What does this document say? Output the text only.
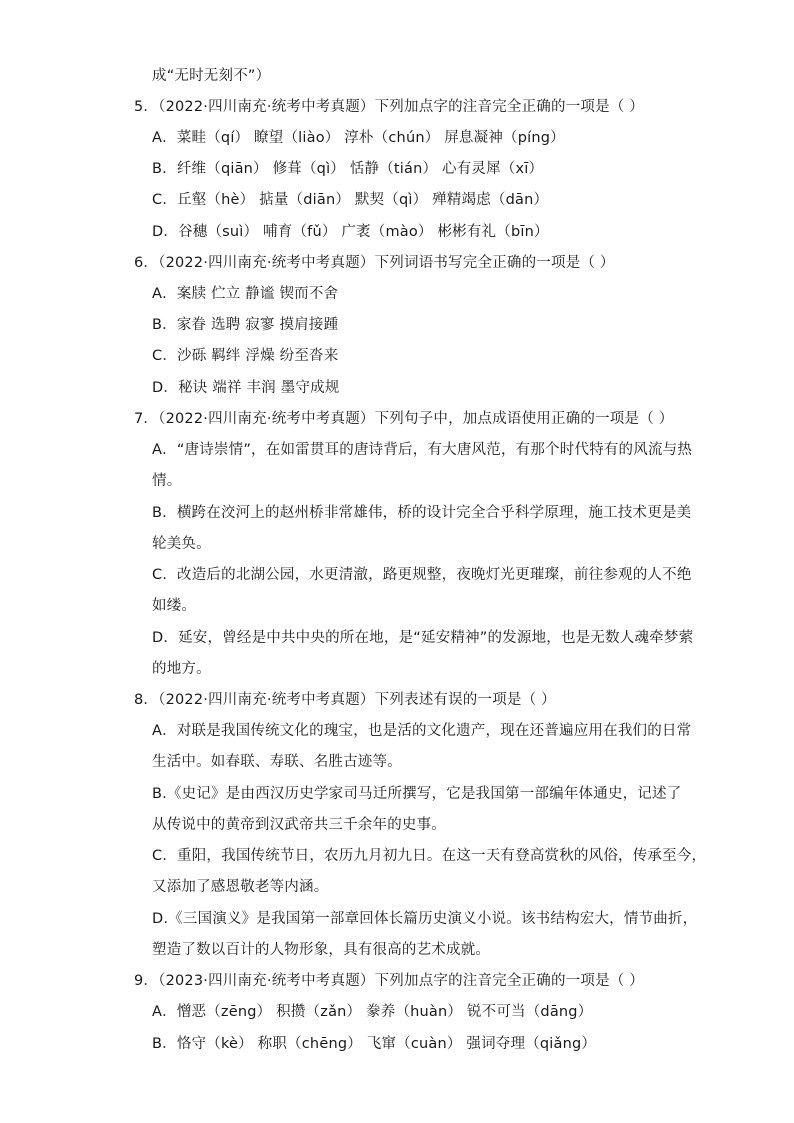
成“无时无刻不”）
5．（2022·四川南充·统考中考真题）下列加点字的注音完全正确的一项是（ ）
A．菜畦（qí） 瞭望（liào） 淳朴（chún） 屏息凝神（píng）
B．纤维（qiān） 修葺（qì） 恬静（tián） 心有灵犀（xī）
C．丘壑（hè） 掂量（diān） 默契（qì） 殚精竭虑（dān）
D．谷穗（suì） 哺育（fǔ） 广袤（mào） 彬彬有礼（bīn）
6．（2022·四川南充·统考中考真题）下列词语书写完全正确的一项是（ ）
A．案牍 伫立 静谧 锲而不舍
B．家眷 选聘 寂寥 摸肩接踵
C．沙砾 羁绊 浮燥 纷至沓来
D．秘诀 端祥 丰润 墨守成规
7．（2022·四川南充·统考中考真题）下列句子中，加点成语使用正确的一项是（ ）
A．“唐诗崇情”，在如雷贯耳的唐诗背后，有大唐风范，有那个时代特有的风流与热
情。
B．横跨在洨河上的赵州桥非常雄伟，桥的设计完全合乎科学原理，施工技术更是美
轮美奂。
C．改造后的北湖公园，水更清澈，路更规整，夜晚灯光更璀璨，前往参观的人不绝
如缕。
D．延安，曾经是中共中央的所在地，是“延安精神”的发源地，也是无数人魂牵梦萦
的地方。
8．（2022·四川南充·统考中考真题）下列表述有误的一项是（ ）
A．对联是我国传统文化的瑰宝，也是活的文化遗产，现在还普遍应用在我们的日常
生活中。如春联、寿联、名胜古迹等。
B.《史记》是由西汉历史学家司马迁所撰写，它是我国第一部编年体通史，记述了
从传说中的黄帝到汉武帝共三千余年的史事。
C．重阳，我国传统节日，农历九月初九日。在这一天有登高赏秋的风俗，传承至今，
又添加了感恩敬老等内涵。
D.《三国演义》是我国第一部章回体长篇历史演义小说。该书结构宏大，情节曲折，
塑造了数以百计的人物形象，具有很高的艺术成就。
9．（2023·四川南充·统考中考真题）下列加点字的注音完全正确的一项是（ ）
A．憎恶（zēng） 积攒（zǎn） 豢养（huàn） 锐不可当（dāng）
B．恪守（kè） 称职（chēng） 飞窜（cuàn） 强词夺理（qiǎng）
